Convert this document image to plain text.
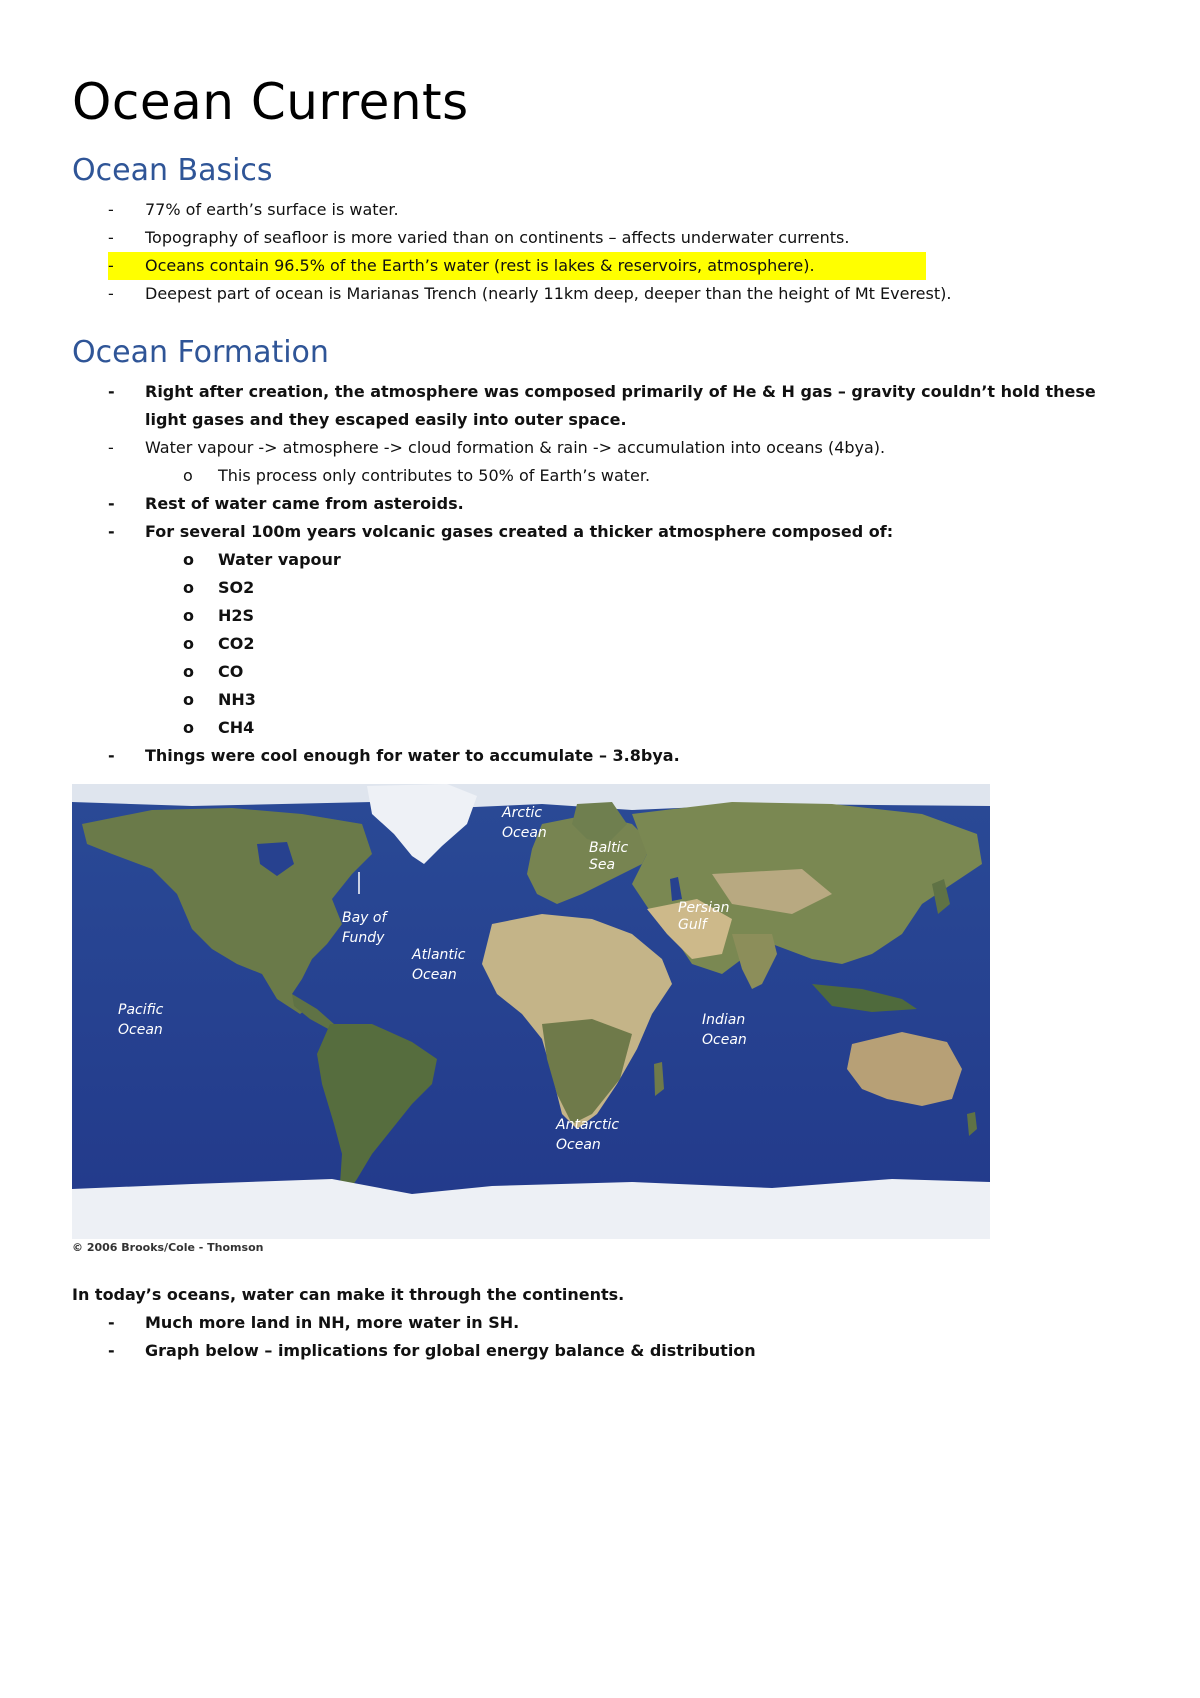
Ocean Currents
Ocean Basics
- 77% of earth’s surface is water.
- Topography of seafloor is more varied than on continents – affects underwater currents.
- Oceans contain 96.5% of the Earth’s water (rest is lakes & reservoirs, atmosphere).
- Deepest part of ocean is Marianas Trench (nearly 11km deep, deeper than the height of Mt Everest).
Ocean Formation
- Right after creation, the atmosphere was composed primarily of He & H gas – gravity couldn’t hold these light gases and they escaped easily into outer space.
- Water vapour -> atmosphere -> cloud formation & rain -> accumulation into oceans (4bya).
o This process only contributes to 50% of Earth’s water.
- Rest of water came from asteroids.
- For several 100m years volcanic gases created a thicker atmosphere composed of:
o Water vapour
o SO2
o H2S
o CO2
o CO
o NH3
o CH4
- Things were cool enough for water to accumulate – 3.8bya.
Arctic
Ocean
Baltic
Sea
Persian
Gulf
Bay of
Fundy
Atlantic
Ocean
Pacific
Ocean
Indian
Ocean
Antarctic
Ocean
© 2006 Brooks/Cole - Thomson
In today’s oceans, water can make it through the continents.
- Much more land in NH, more water in SH.
- Graph below – implications for global energy balance & distribution
